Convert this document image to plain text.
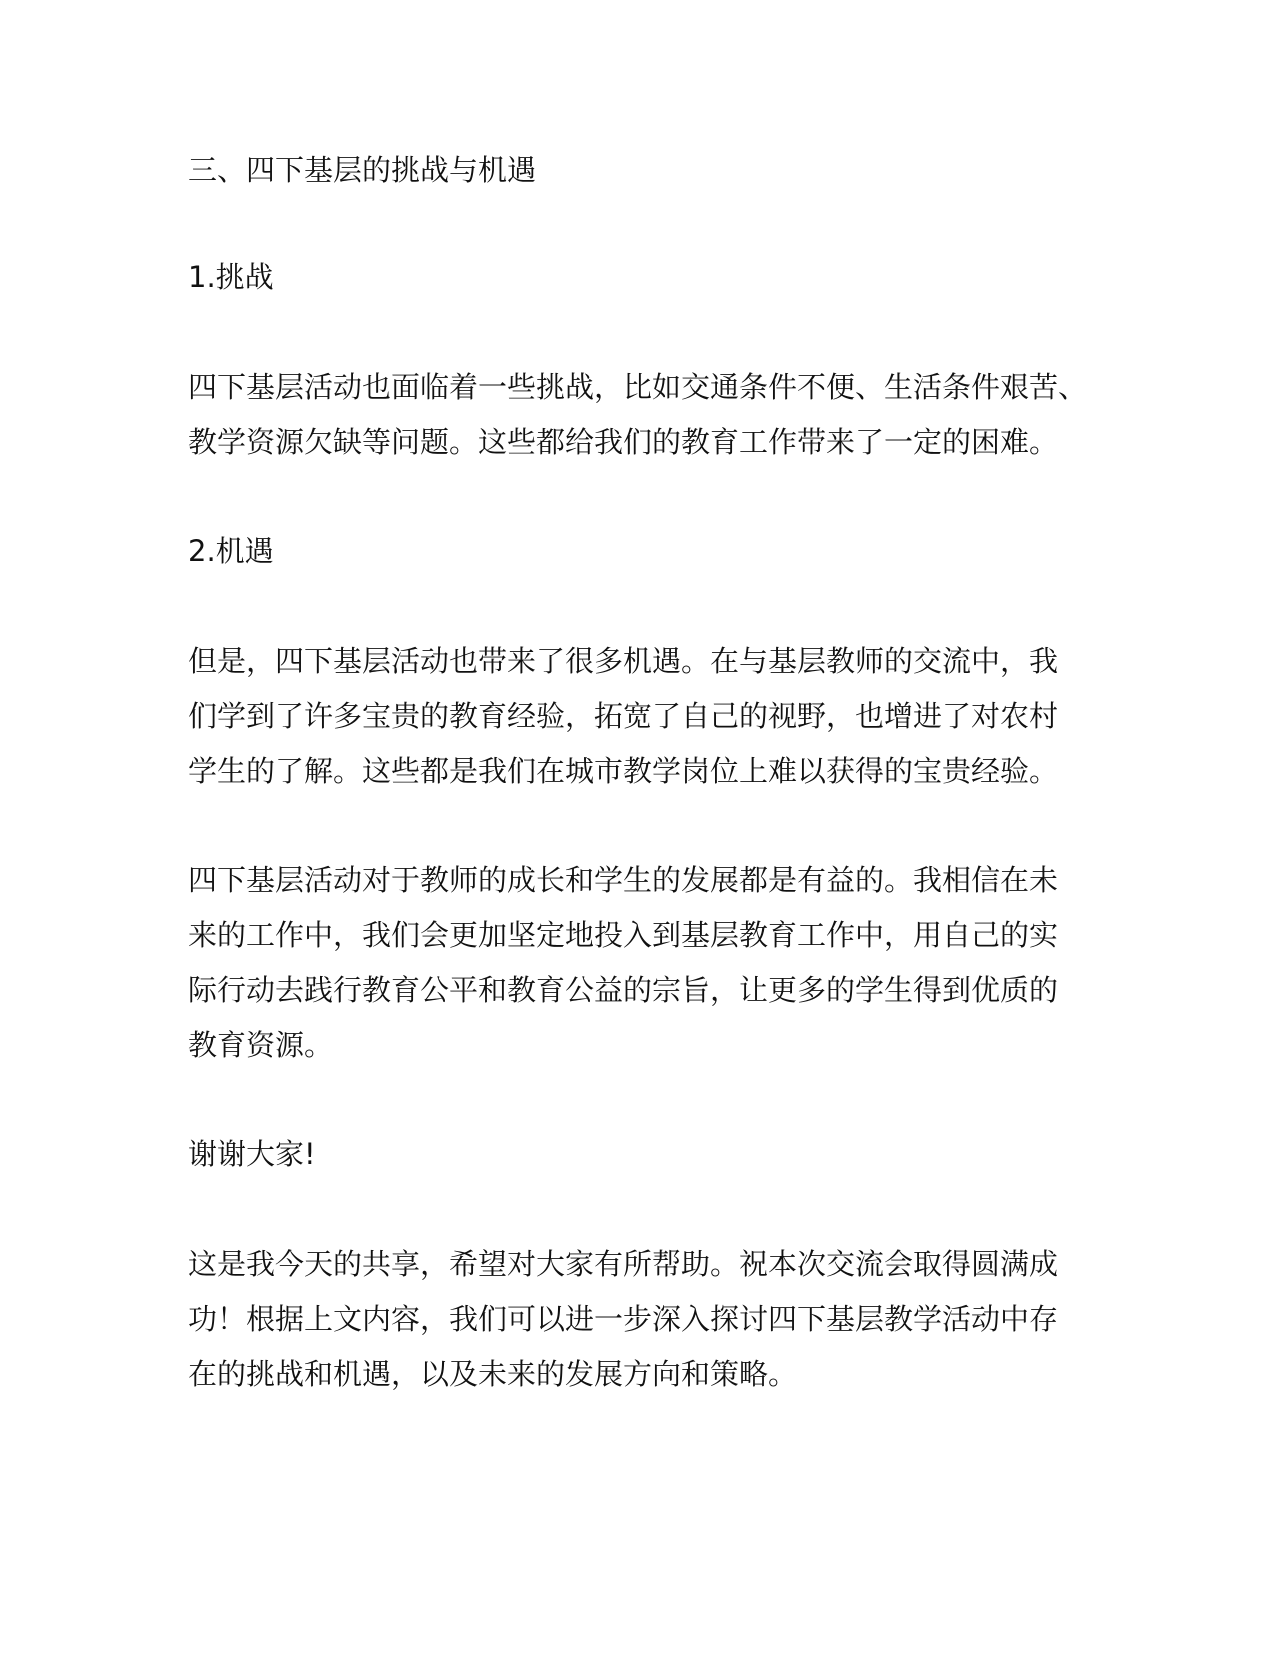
三、四下基层的挑战与机遇
1.挑战
四下基层活动也面临着一些挑战，比如交通条件不便、生活条件艰苦、
教学资源欠缺等问题。这些都给我们的教育工作带来了一定的困难。
2.机遇
但是，四下基层活动也带来了很多机遇。在与基层教师的交流中，我
们学到了许多宝贵的教育经验，拓宽了自己的视野，也增进了对农村
学生的了解。这些都是我们在城市教学岗位上难以获得的宝贵经验。
四下基层活动对于教师的成长和学生的发展都是有益的。我相信在未
来的工作中，我们会更加坚定地投入到基层教育工作中，用自己的实
际行动去践行教育公平和教育公益的宗旨，让更多的学生得到优质的
教育资源。
谢谢大家!
这是我今天的共享，希望对大家有所帮助。祝本次交流会取得圆满成
功！根据上文内容，我们可以进一步深入探讨四下基层教学活动中存
在的挑战和机遇，以及未来的发展方向和策略。
